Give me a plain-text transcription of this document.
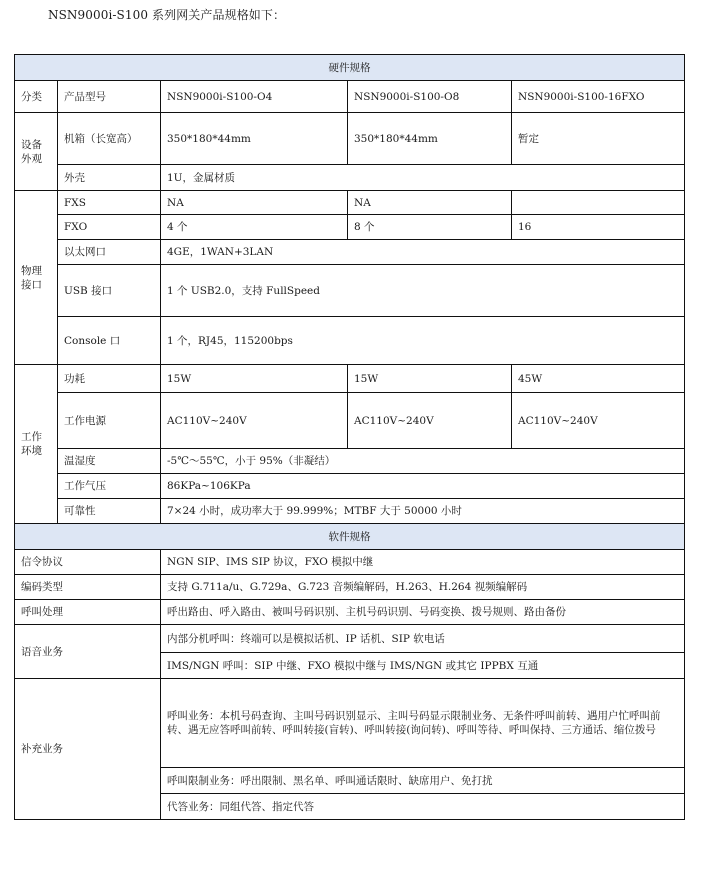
NSN9000i-S100 系列网关产品规格如下：
硬件规格				
分类	产品型号	NSN9000i-S100-O4	NSN9000i-S100-O8	NSN9000i-S100-16FXO
设备
外观	机箱（长宽高）	350*180*44mm	350*180*44mm	暂定
	外壳	1U，金属材质		
物理
接口	FXS	NA	NA	
	FXO	4 个	8 个	16
	以太网口	4GE，1WAN+3LAN		
	USB 接口	1 个 USB2.0，支持 FullSpeed		
	Console 口	1 个，RJ45，115200bps		
工作
环境	功耗	15W	15W	45W
	工作电源	AC110V~240V	AC110V~240V	AC110V~240V
	温湿度	-5℃～55℃，小于 95%（非凝结）		
	工作气压	86KPa~106KPa		
	可靠性	7×24 小时，成功率大于 99.999%；MTBF 大于 50000 小时		
软件规格				
信令协议		NGN SIP、IMS SIP 协议，FXO 模拟中继		
编码类型		支持 G.711a/u、G.729a、G.723 音频编解码，H.263、H.264 视频编解码		
呼叫处理		呼出路由、呼入路由、被叫号码识别、主机号码识别、号码变换、拨号规则、路由备份		
语音业务		内部分机呼叫：终端可以是模拟话机、IP 话机、SIP 软电话		
		IMS/NGN 呼叫：SIP 中继、FXO 模拟中继与 IMS/NGN 或其它 IPPBX 互通		
补充业务		呼叫业务：本机号码查询、主叫号码识别显示、主叫号码显示限制业务、无条件呼叫前转、遇用户忙呼叫前转、遇无应答呼叫前转、呼叫转接(盲转)、呼叫转接(询问转)、呼叫等待、呼叫保持、三方通话、缩位拨号		
		呼叫限制业务：呼出限制、黑名单、呼叫通话限时、缺席用户、免打扰		
		代答业务：同组代答、指定代答		
